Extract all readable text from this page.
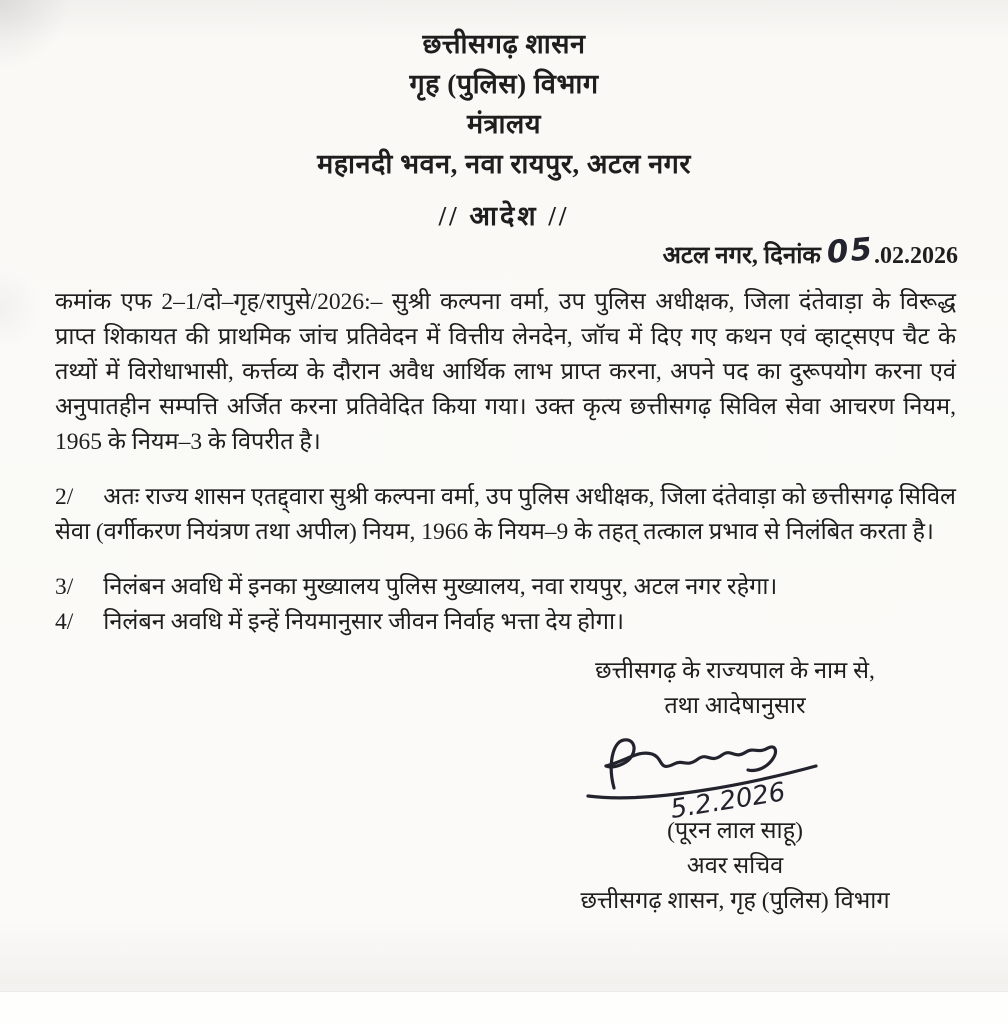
छत्तीसगढ़ शासन
गृह (पुलिस) विभाग
मंत्रालय
महानदी भवन, नवा रायपुर, अटल नगर
// आदेश //
अटल नगर, दिनांक 05.02.2026

कमांक एफ 2–1/दो–गृह/रापुसे/2026:– सुश्री कल्पना वर्मा, उप पुलिस अधीक्षक, जिला दंतेवाड़ा के विरूद्ध प्राप्त शिकायत की प्राथमिक जांच प्रतिवेदन में वित्तीय लेनदेन, जॉच में दिए गए कथन एवं व्हाट्सएप चैट के तथ्यों में विरोधाभासी, कर्त्तव्य के दौरान अवैध आर्थिक लाभ प्राप्त करना, अपने पद का दुरूपयोग करना एवं अनुपातहीन सम्पत्ति अर्जित करना प्रतिवेदित किया गया। उक्त कृत्य छत्तीसगढ़ सिविल सेवा आचरण नियम, 1965 के नियम–3 के विपरीत है।

2/ अतः राज्य शासन एतद्द्वारा सुश्री कल्पना वर्मा, उप पुलिस अधीक्षक, जिला दंतेवाड़ा को छत्तीसगढ़ सिविल सेवा (वर्गीकरण नियंत्रण तथा अपील) नियम, 1966 के नियम–9 के तहत् तत्काल प्रभाव से निलंबित करता है।

3/ निलंबन अवधि में इनका मुख्यालय पुलिस मुख्यालय, नवा रायपुर, अटल नगर रहेगा।

4/ निलंबन अवधि में इन्हें नियमानुसार जीवन निर्वाह भत्ता देय होगा।

छत्तीसगढ़ के राज्यपाल के नाम से,
तथा आदेषानुसार
5.2.2026
(पूरन लाल साहू)
अवर सचिव
छत्तीसगढ़ शासन, गृह (पुलिस) विभाग
